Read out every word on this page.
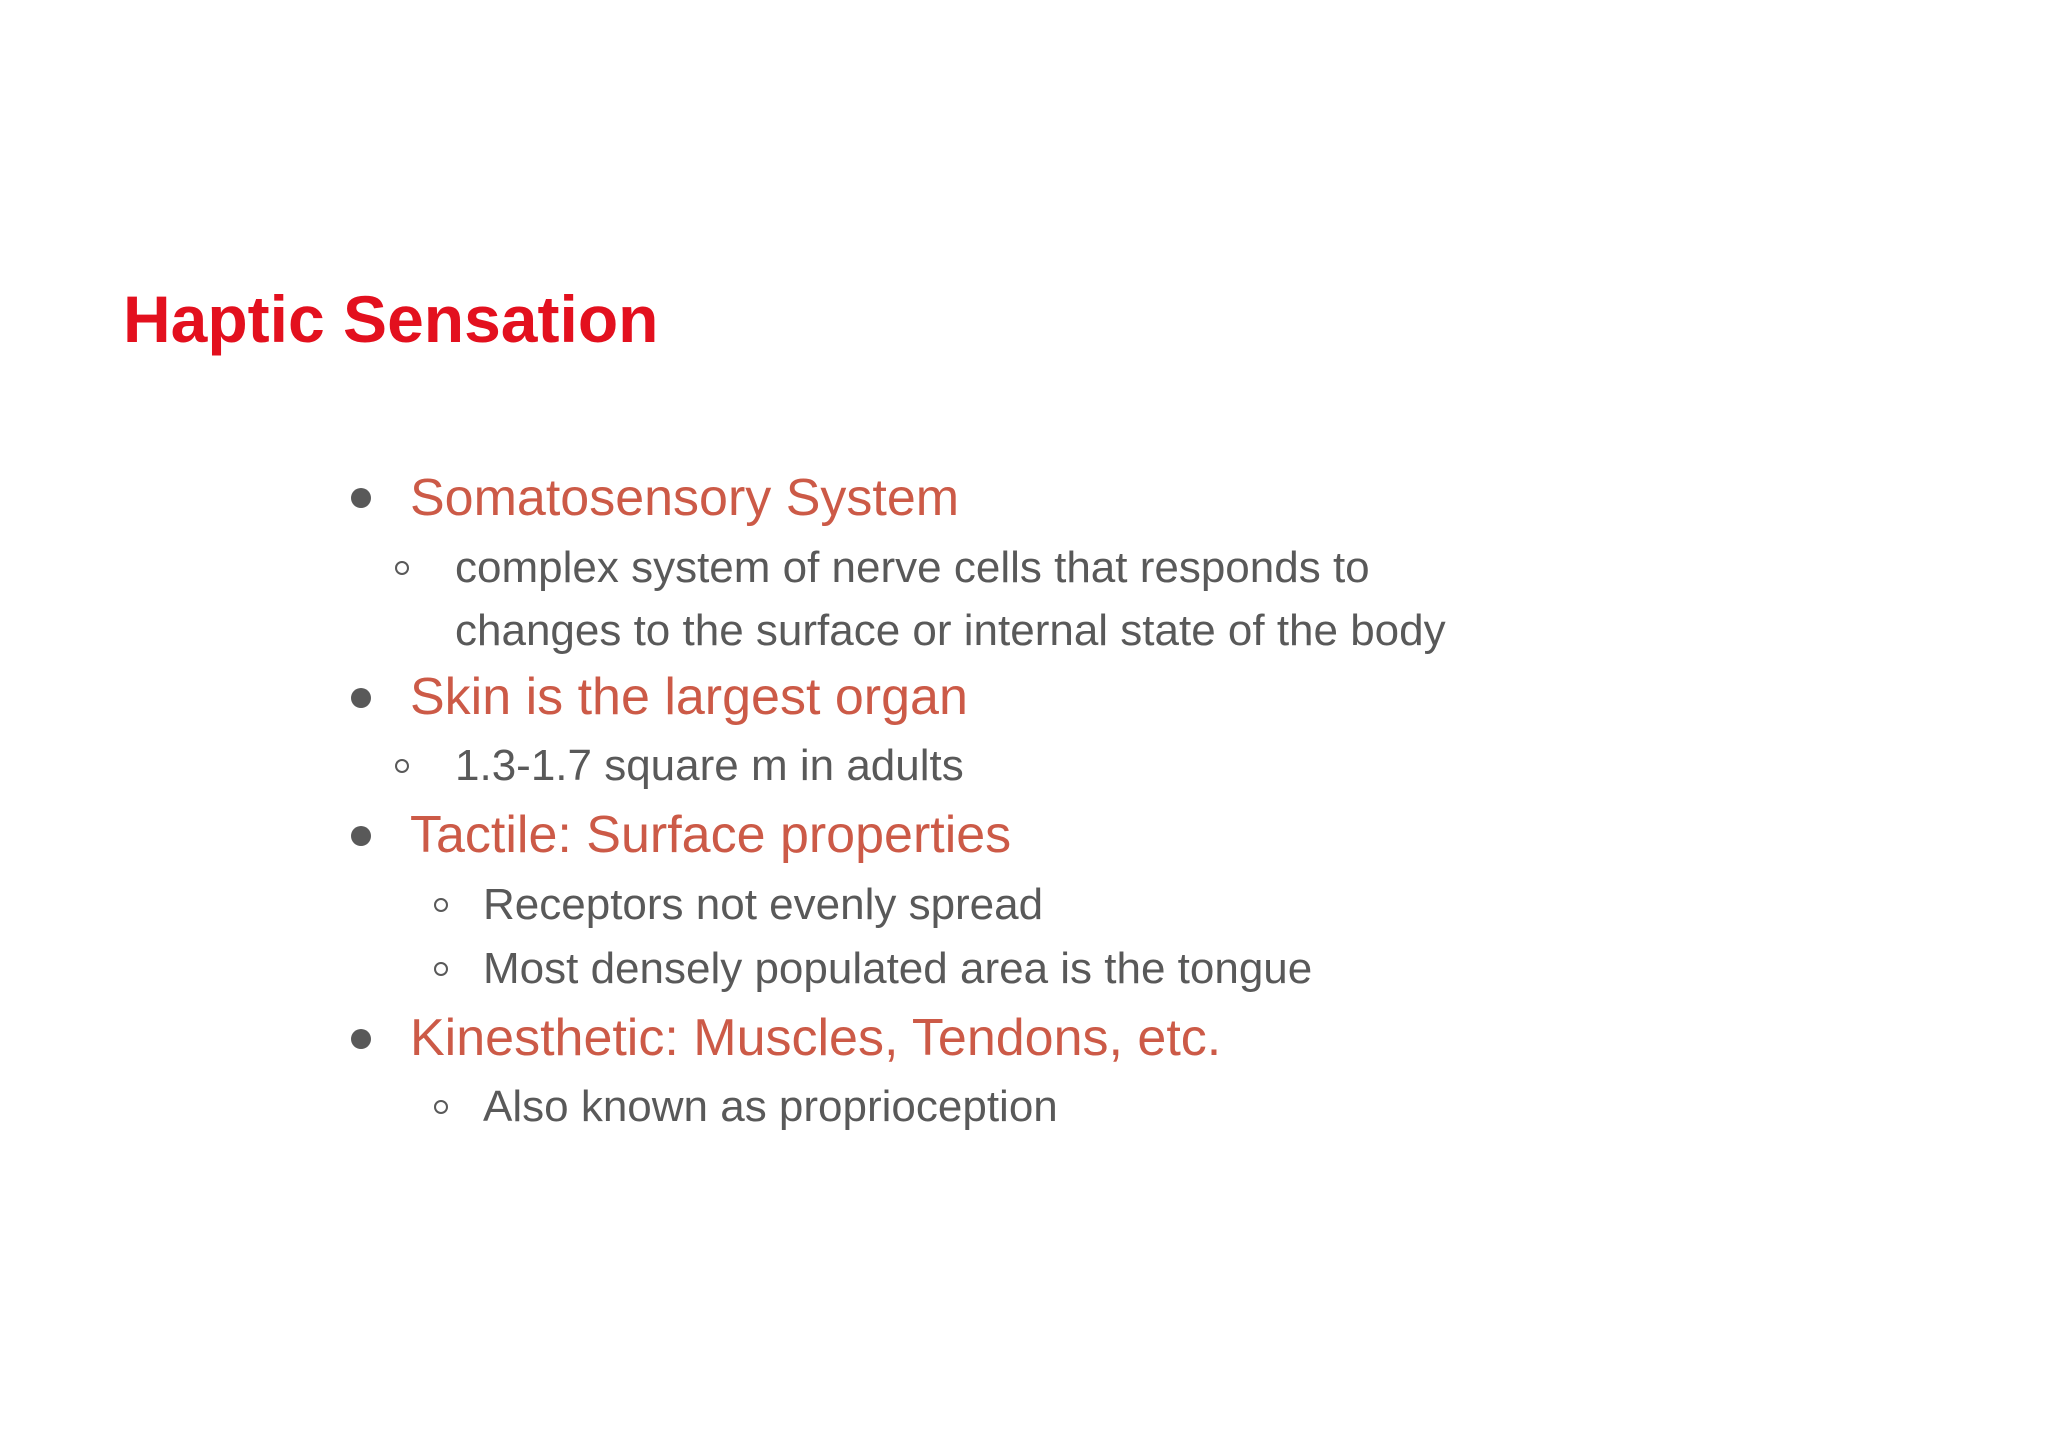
Haptic Sensation
Somatosensory System
complex system of nerve cells that responds to
changes to the surface or internal state of the body
Skin is the largest organ
1.3-1.7 square m in adults
Tactile: Surface properties
Receptors not evenly spread
Most densely populated area is the tongue
Kinesthetic: Muscles, Tendons, etc.
Also known as proprioception
